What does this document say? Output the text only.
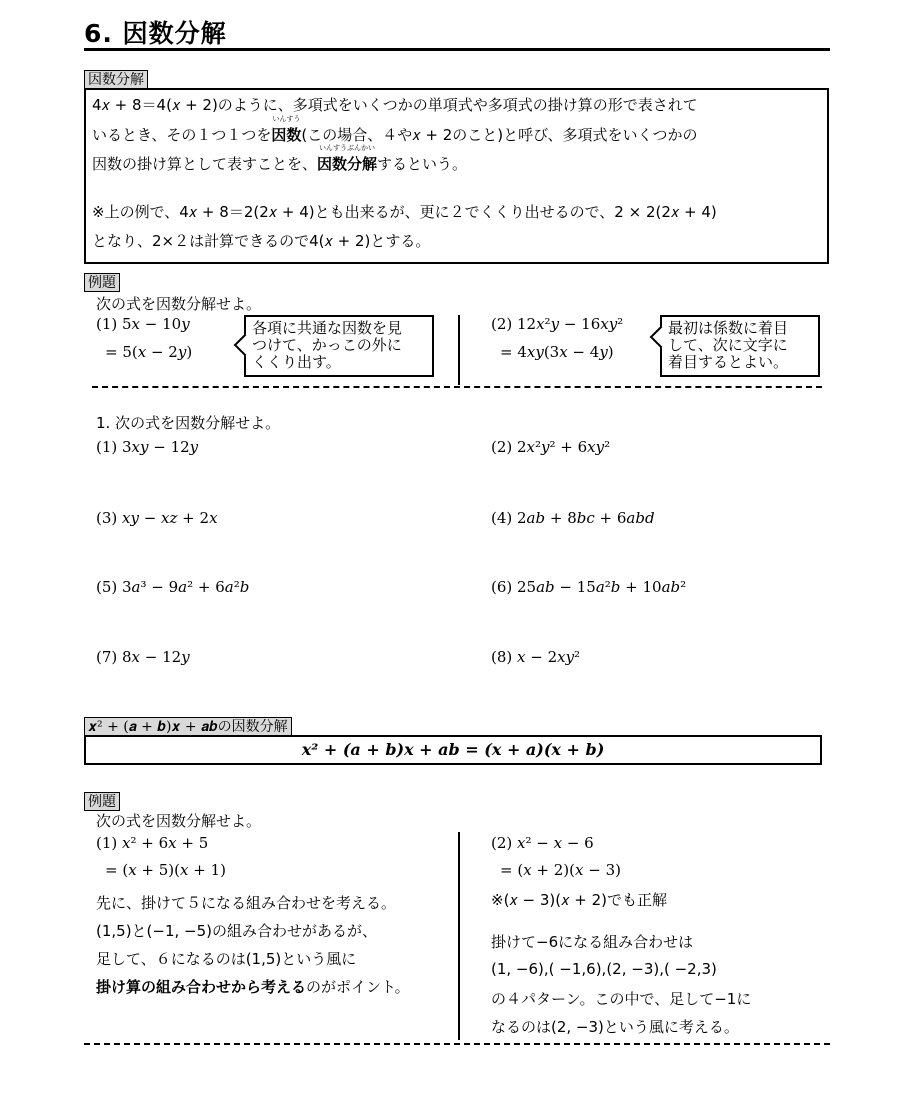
6. 因数分解
因数分解
4𝑥 + 8＝4(𝑥 + 2)のように、多項式をいくつかの単項式や多項式の掛け算の形で表されて
いるとき、その１つ１つを
いんすう
因数(この場合、４や𝑥 + 2のこと)と呼び、多項式をいくつかの
因数の掛け算として表すことを、
いんすうぶんかい
因数分解するという。
※上の例で、4𝑥 + 8＝2(2𝑥 + 4)とも出来るが、更に２でくくり出せるので、2 × 2(2𝑥 + 4)
となり、2×２は計算できるので4(𝑥 + 2)とする。
例題
次の式を因数分解せよ。
(1) 5𝑥 − 10𝑦
= 5(𝑥 − 2𝑦)
各項に共通な因数を見
つけて、かっこの外に
くくり出す。
(2) 12𝑥²𝑦 − 16𝑥𝑦²
= 4𝑥𝑦(3𝑥 − 4𝑦)
最初は係数に着目
して、次に文字に
着目するとよい。
1. 次の式を因数分解せよ。
(1) 3𝑥𝑦 − 12𝑦	(2) 2𝑥²𝑦² + 6𝑥𝑦²
(3) 𝑥𝑦 − 𝑥𝑧 + 2𝑥	(4) 2𝑎𝑏 + 8𝑏𝑐 + 6𝑎𝑏𝑑
(5) 3𝑎³ − 9𝑎² + 6𝑎²𝑏	(6) 25𝑎𝑏 − 15𝑎²𝑏 + 10𝑎𝑏²
(7) 8𝑥 − 12𝑦	(8) 𝑥 − 2𝑥𝑦²
𝒙² + (𝒂 + 𝒃)𝒙 + 𝒂𝒃の因数分解
x² + (a + b)x + ab = (x + a)(x + b)
例題
次の式を因数分解せよ。
(1) 𝑥² + 6𝑥 + 5
= (𝑥 + 5)(𝑥 + 1)
先に、掛けて５になる組み合わせを考える。
(1,5)と(−1, −5)の組み合わせがあるが、
足して、６になるのは(1,5)という風に
掛け算の組み合わせから考えるのがポイント。
(2) 𝑥² − 𝑥 − 6
= (𝑥 + 2)(𝑥 − 3)
※(𝑥 − 3)(𝑥 + 2)でも正解
掛けて−6になる組み合わせは
(1, −6),( −1,6),(2, −3),( −2,3)
の４パターン。この中で、足して−1に
なるのは(2, −3)という風に考える。
